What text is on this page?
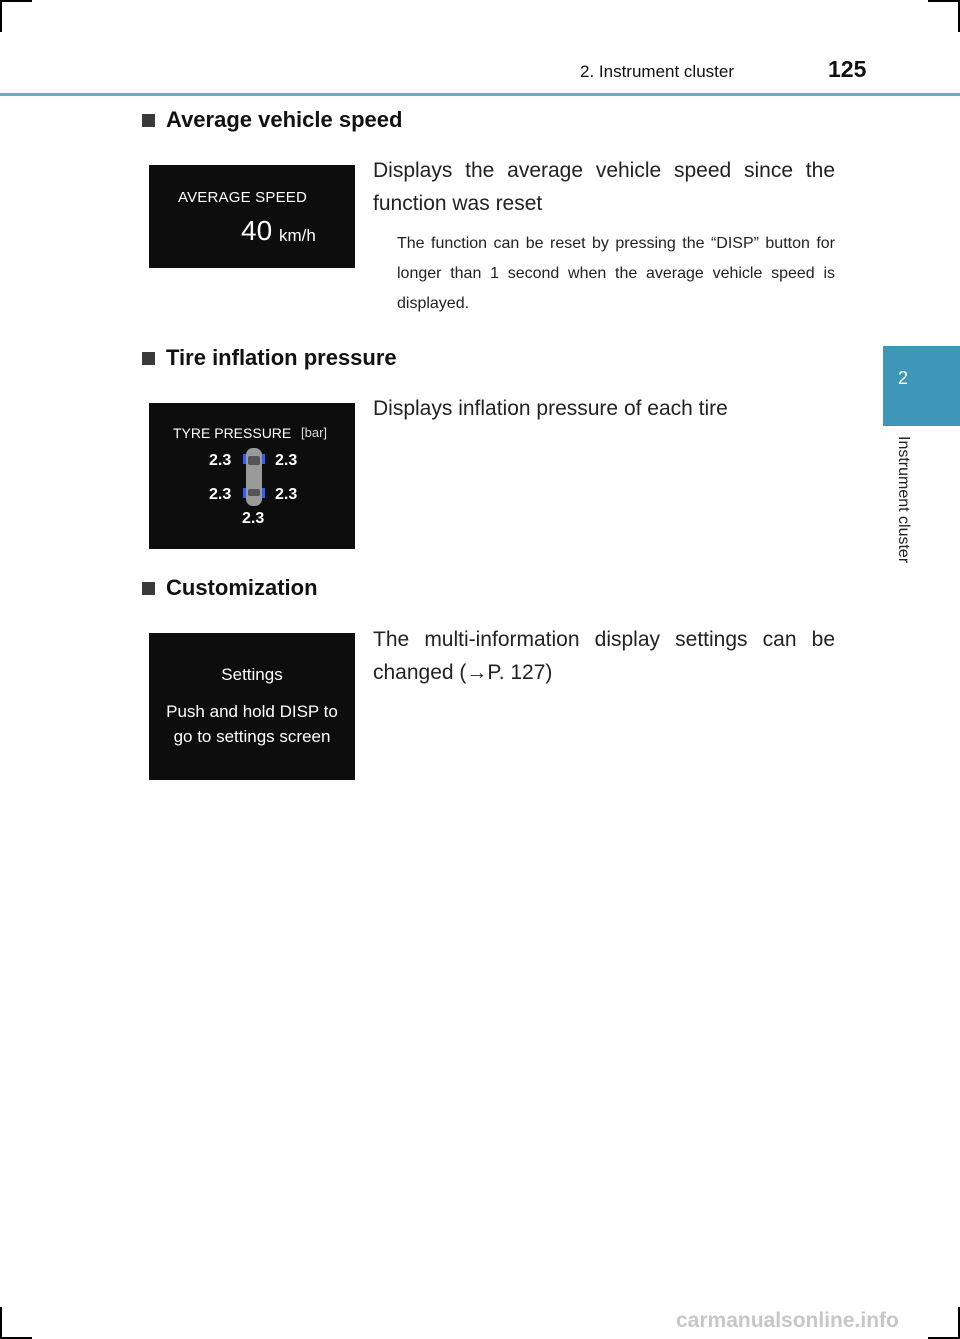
2. Instrument cluster	125
2
Instrument cluster
Average vehicle speed
AVERAGE SPEED
40 km/h
Displays the average vehicle speed since the function was reset
The function can be reset by pressing the “DISP” button for longer than 1 second when the average vehicle speed is displayed.
Tire inflation pressure
TYRE PRESSURE [bar]
2.3	2.3
2.3	2.3
2.3
Displays inflation pressure of each tire
Customization
Settings
Push and hold DISP to
go to settings screen
The multi-information display settings can be changed (→P. 127)
carmanualsonline.info
